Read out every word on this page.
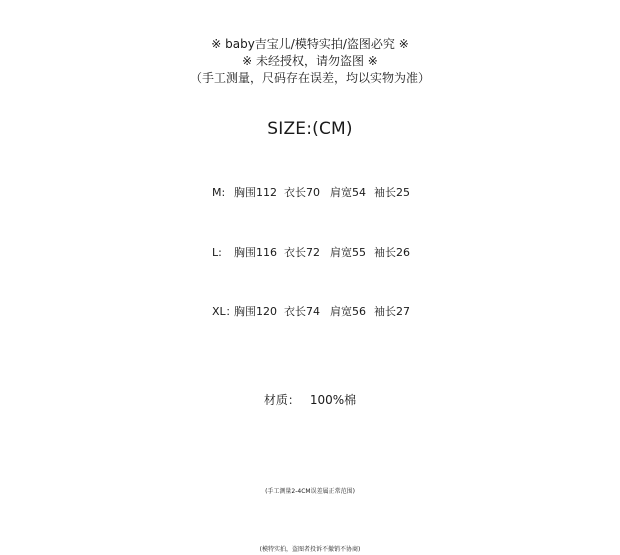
※ baby吉宝儿/模特实拍/盗图必究 ※
※ 未经授权，请勿盗图 ※
（手工测量，尺码存在误差，均以实物为准）
SIZE:(CM)
M: 胸围112 衣长70 肩宽54 袖长25
L: 胸围116 衣长72 肩宽55 袖长26
XL：
胸围120 衣长74 肩宽56 袖长27
材质： 100%棉
(手工测量2-4CM误差属正常范围)
(模特实拍，盗图者投诉不撤销不协商)
